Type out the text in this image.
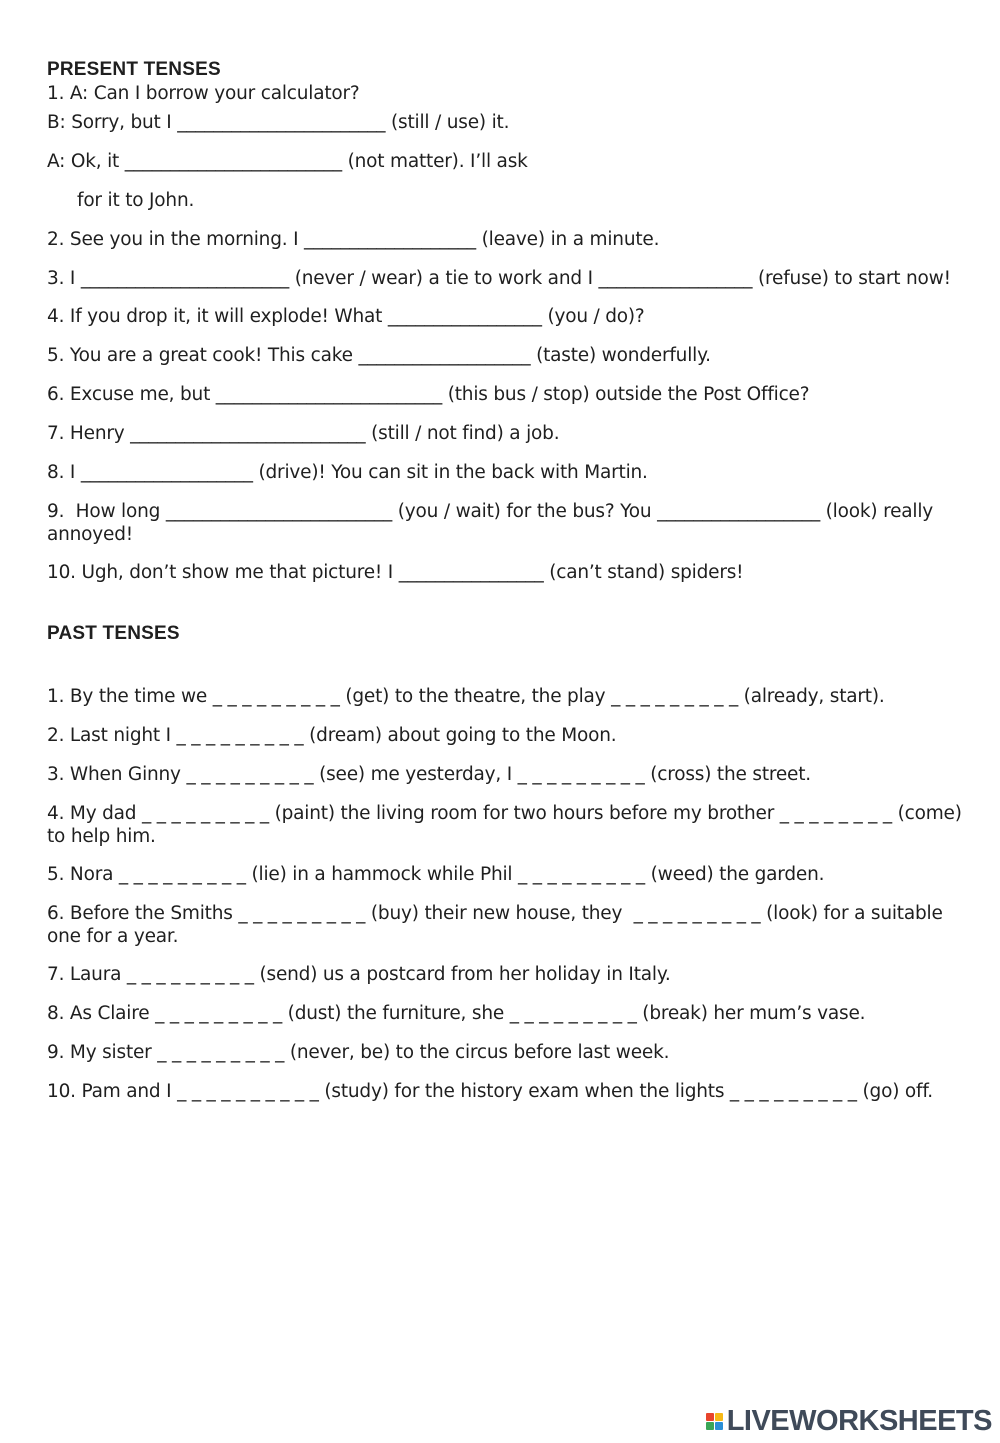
PRESENT TENSES

1. A: Can I borrow your calculator?

B: Sorry, but I _______________________ (still / use) it.

A: Ok, it ________________________ (not matter). I’ll ask

for it to John.

2. See you in the morning. I ___________________ (leave) in a minute.

3. I _______________________ (never / wear) a tie to work and I _________________ (refuse) to start now!

4. If you drop it, it will explode! What _________________ (you / do)?

5. You are a great cook! This cake ___________________ (taste) wonderfully.

6. Excuse me, but _________________________ (this bus / stop) outside the Post Office?

7. Henry __________________________ (still / not find) a job.

8. I ___________________ (drive)! You can sit in the back with Martin.

9.  How long _________________________ (you / wait) for the bus? You __________________ (look) really annoyed!

10. Ugh, don’t show me that picture! I ________________ (can’t stand) spiders!

PAST TENSES

1. By the time we _ _ _ _ _ _ _ _ _ (get) to the theatre, the play _ _ _ _ _ _ _ _ _ (already, start).

2. Last night I _ _ _ _ _ _ _ _ _ (dream) about going to the Moon.

3. When Ginny _ _ _ _ _ _ _ _ _ (see) me yesterday, I _ _ _ _ _ _ _ _ _ (cross) the street.

4. My dad _ _ _ _ _ _ _ _ _ (paint) the living room for two hours before my brother _ _ _ _ _ _ _ _ (come) to help him.

5. Nora _ _ _ _ _ _ _ _ _ (lie) in a hammock while Phil _ _ _ _ _ _ _ _ _ (weed) the garden.

6. Before the Smiths _ _ _ _ _ _ _ _ _ (buy) their new house, they  _ _ _ _ _ _ _ _ _ (look) for a suitable one for a year.

7. Laura _ _ _ _ _ _ _ _ _ (send) us a postcard from her holiday in Italy.

8. As Claire _ _ _ _ _ _ _ _ _ (dust) the furniture, she _ _ _ _ _ _ _ _ _ (break) her mum’s vase.

9. My sister _ _ _ _ _ _ _ _ _ (never, be) to the circus before last week.

10. Pam and I _ _ _ _ _ _ _ _ _ _ (study) for the history exam when the lights _ _ _ _ _ _ _ _ _ (go) off.

LIVEWORKSHEETS
